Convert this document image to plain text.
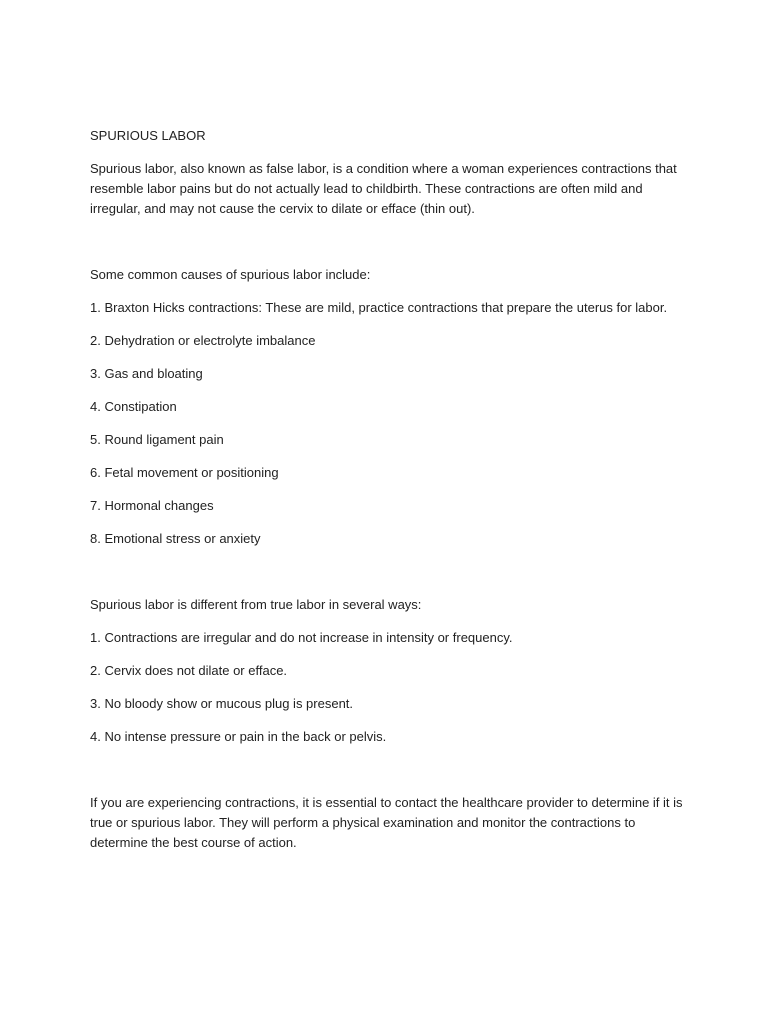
SPURIOUS LABOR

Spurious labor, also known as false labor, is a condition where a woman experiences contractions that

resemble labor pains but do not actually lead to childbirth. These contractions are often mild and

irregular, and may not cause the cervix to dilate or efface (thin out).

Some common causes of spurious labor include:

1. Braxton Hicks contractions: These are mild, practice contractions that prepare the uterus for labor.

2. Dehydration or electrolyte imbalance

3. Gas and bloating

4. Constipation

5. Round ligament pain

6. Fetal movement or positioning

7. Hormonal changes

8. Emotional stress or anxiety

Spurious labor is different from true labor in several ways:

1. Contractions are irregular and do not increase in intensity or frequency.

2. Cervix does not dilate or efface.

3. No bloody show or mucous plug is present.

4. No intense pressure or pain in the back or pelvis.

If you are experiencing contractions, it is essential to contact the healthcare provider to determine if it is

true or spurious labor. They will perform a physical examination and monitor the contractions to

determine the best course of action.
